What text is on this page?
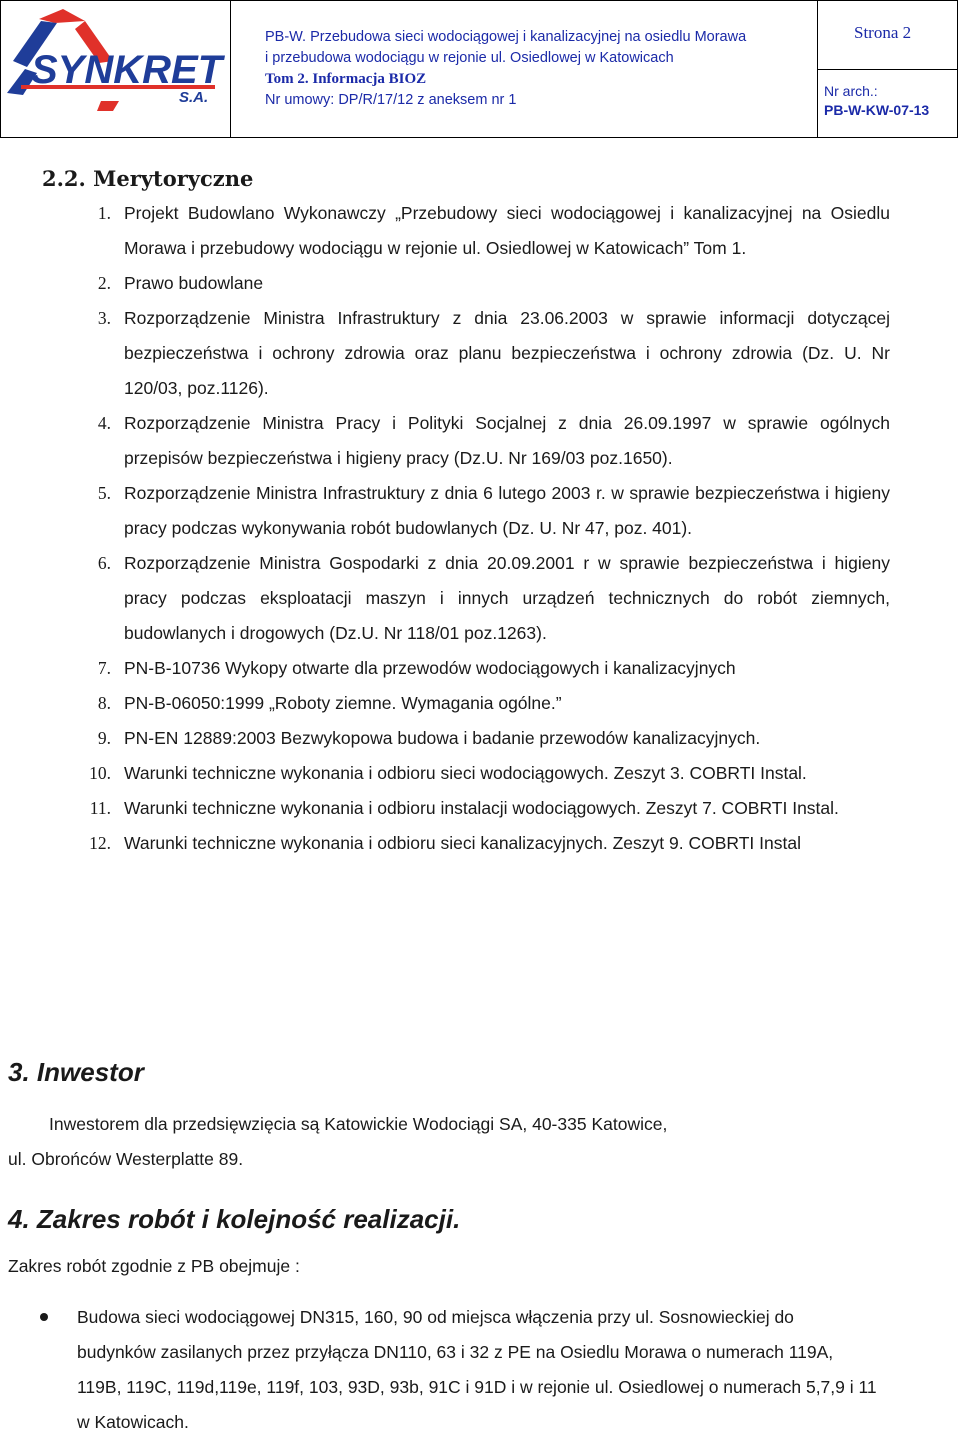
SYNKRET
S.A.
PB-W. Przebudowa sieci wodociągowej i kanalizacyjnej na osiedlu Morawa
i przebudowa wodociągu w rejonie ul. Osiedlowej w Katowicach
Tom 2. Informacja BIOZ
Nr umowy: DP/R/17/12 z aneksem nr 1
Strona 2
Nr arch.:
PB-W-KW-07-13
2.2. Merytoryczne
1. Projekt Budowlano Wykonawczy „Przebudowy sieci wodociągowej i kanalizacyjnej na Osiedlu Morawa i przebudowy wodociągu w rejonie ul. Osiedlowej w Katowicach” Tom 1.
2. Prawo budowlane
3. Rozporządzenie Ministra Infrastruktury z dnia 23.06.2003 w sprawie informacji dotyczącej bezpieczeństwa i ochrony zdrowia oraz planu bezpieczeństwa i ochrony zdrowia (Dz. U. Nr 120/03, poz.1126).
4. Rozporządzenie Ministra Pracy i Polityki Socjalnej z dnia 26.09.1997 w sprawie ogólnych przepisów bezpieczeństwa i higieny pracy (Dz.U. Nr 169/03 poz.1650).
5. Rozporządzenie Ministra Infrastruktury z dnia 6 lutego 2003 r. w sprawie bezpieczeństwa i higieny pracy podczas wykonywania robót budowlanych (Dz. U. Nr 47, poz. 401).
6. Rozporządzenie Ministra Gospodarki z dnia 20.09.2001 r w sprawie bezpieczeństwa i higieny pracy podczas eksploatacji maszyn i innych urządzeń technicznych do robót ziemnych, budowlanych i drogowych (Dz.U. Nr 118/01 poz.1263).
7. PN-B-10736 Wykopy otwarte dla przewodów wodociągowych i kanalizacyjnych
8. PN-B-06050:1999 „Roboty ziemne. Wymagania ogólne.”
9. PN-EN 12889:2003 Bezwykopowa budowa i badanie przewodów kanalizacyjnych.
10. Warunki techniczne wykonania i odbioru sieci wodociągowych. Zeszyt 3. COBRTI Instal.
11. Warunki techniczne wykonania i odbioru instalacji wodociągowych. Zeszyt 7. COBRTI Instal.
12. Warunki techniczne wykonania i odbioru sieci kanalizacyjnych. Zeszyt 9. COBRTI Instal
3. Inwestor
Inwestorem dla przedsięwzięcia są Katowickie Wodociągi SA, 40-335 Katowice,
ul. Obrońców Westerplatte 89.
4. Zakres robót i kolejność realizacji.
Zakres robót zgodnie z PB obejmuje :
Budowa sieci wodociągowej DN315, 160, 90 od miejsca włączenia przy ul. Sosnowieckiej do budynków zasilanych przez przyłącza DN110, 63 i 32 z PE na Osiedlu Morawa o numerach 119A, 119B, 119C, 119d,119e, 119f, 103, 93D, 93b, 91C i 91D i w rejonie ul. Osiedlowej o numerach 5,7,9 i 11 w Katowicach.
